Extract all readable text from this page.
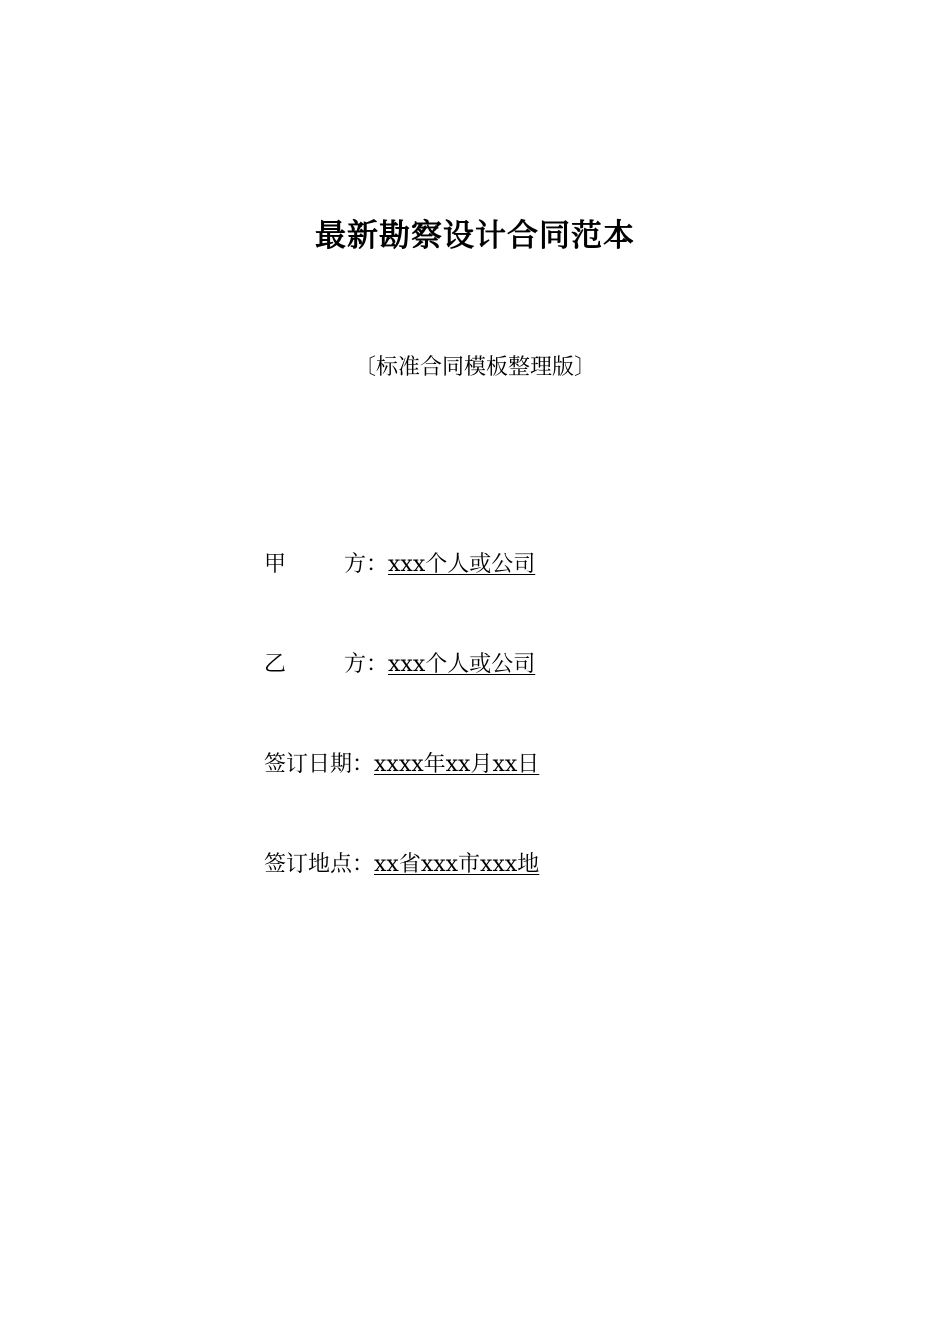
最新勘察设计合同范本

〔标准合同模板整理版〕

甲	方： xxx个人或公司
乙	方： xxx个人或公司
签订日期：xxxx年xx月xx日
签订地点：xx省xxx市xxx地
